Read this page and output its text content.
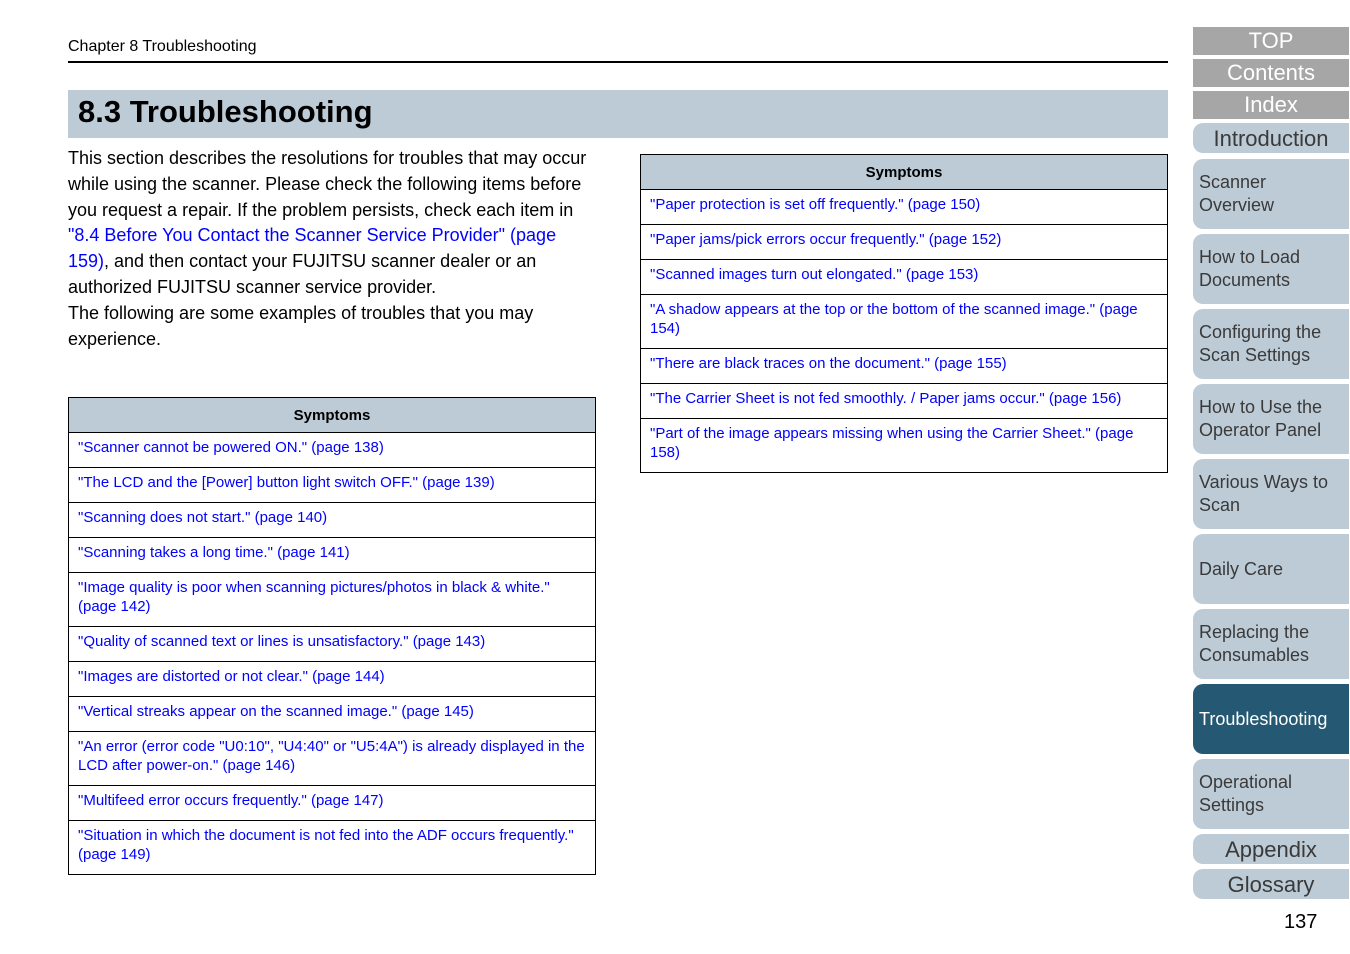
Chapter 8 Troubleshooting
8.3 Troubleshooting

This section describes the resolutions for troubles that may occur while using the scanner. Please check the following items before you request a repair. If the problem persists, check each item in "8.4 Before You Contact the Scanner Service Provider" (page 159), and then contact your FUJITSU scanner dealer or an authorized FUJITSU scanner service provider.
The following are some examples of troubles that you may experience.

Symptoms
"Scanner cannot be powered ON." (page 138)
"The LCD and the [Power] button light switch OFF." (page 139)
"Scanning does not start." (page 140)
"Scanning takes a long time." (page 141)
"Image quality is poor when scanning pictures/photos in black & white." (page 142)
"Quality of scanned text or lines is unsatisfactory." (page 143)
"Images are distorted or not clear." (page 144)
"Vertical streaks appear on the scanned image." (page 145)
"An error (error code "U0:10", "U4:40" or "U5:4A") is already displayed in the LCD after power-on." (page 146)
"Multifeed error occurs frequently." (page 147)
"Situation in which the document is not fed into the ADF occurs frequently." (page 149)
Symptoms
"Paper protection is set off frequently." (page 150)
"Paper jams/pick errors occur frequently." (page 152)
"Scanned images turn out elongated." (page 153)
"A shadow appears at the top or the bottom of the scanned image." (page 154)
"There are black traces on the document." (page 155)
"The Carrier Sheet is not fed smoothly. / Paper jams occur." (page 156)
"Part of the image appears missing when using the Carrier Sheet." (page 158)
TOP
Contents
Index
Introduction
Scanner Overview
How to Load Documents
Configuring the Scan Settings
How to Use the Operator Panel
Various Ways to Scan
Daily Care
Replacing the Consumables
Troubleshooting
Operational Settings
Appendix
Glossary
137
